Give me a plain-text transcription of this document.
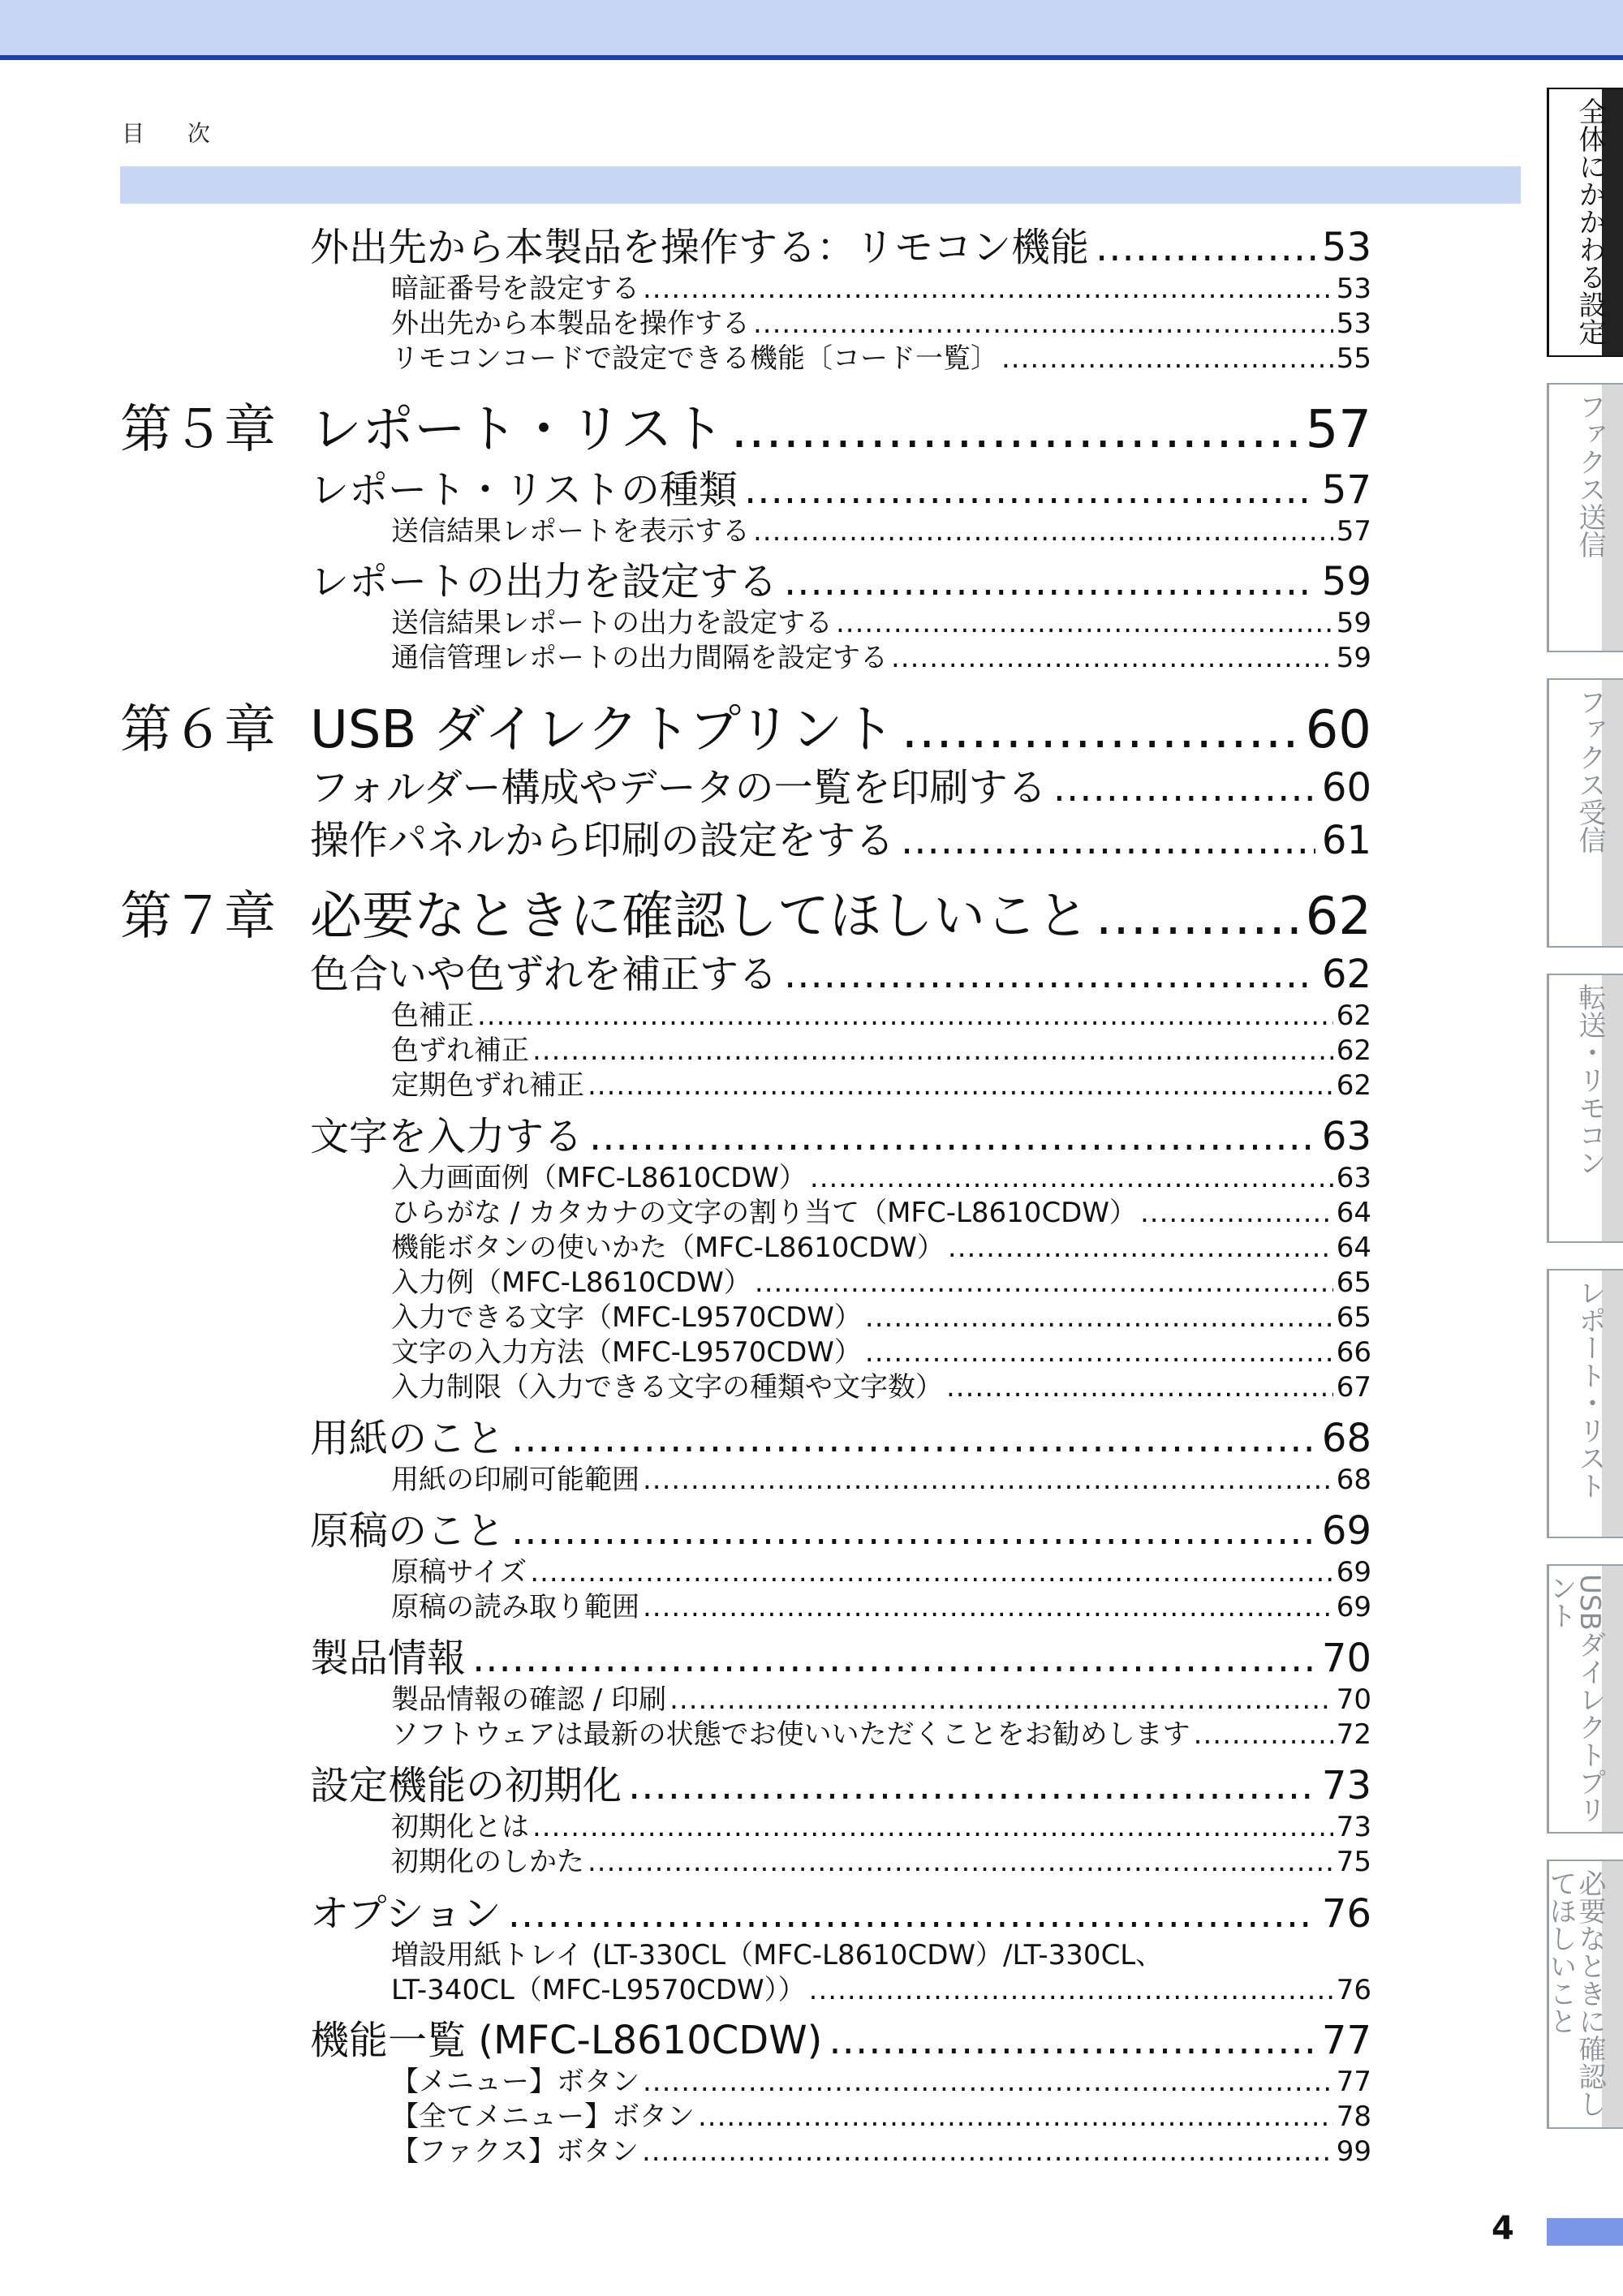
目 次
外出先から本製品を操作する：リモコン機能 .....	53
暗証番号を設定する .....	53
外出先から本製品を操作する .....	53
リモコンコードで設定できる機能〔コード一覧〕 .....	55
第５章 レポート・リスト .....	57
レポート・リストの種類 .....	57
送信結果レポートを表示する .....	57
レポートの出力を設定する .....	59
送信結果レポートの出力を設定する .....	59
通信管理レポートの出力間隔を設定する .....	59
第６章 USB ダイレクトプリント .....	60
フォルダー構成やデータの一覧を印刷する .....	60
操作パネルから印刷の設定をする .....	61
第７章 必要なときに確認してほしいこと .....	62
色合いや色ずれを補正する .....	62
色補正 .....	62
色ずれ補正 .....	62
定期色ずれ補正 .....	62
文字を入力する .....	63
入力画面例（MFC-L8610CDW） .....	63
ひらがな / カタカナの文字の割り当て（MFC-L8610CDW） .....	64
機能ボタンの使いかた（MFC-L8610CDW） .....	64
入力例（MFC-L8610CDW） .....	65
入力できる文字（MFC-L9570CDW） .....	65
文字の入力方法（MFC-L9570CDW） .....	66
入力制限（入力できる文字の種類や文字数） .....	67
用紙のこと .....	68
用紙の印刷可能範囲 .....	68
原稿のこと .....	69
原稿サイズ .....	69
原稿の読み取り範囲 .....	69
製品情報 .....	70
製品情報の確認 / 印刷 .....	70
ソフトウェアは最新の状態でお使いいただくことをお勧めします .....	72
設定機能の初期化 .....	73
初期化とは .....	73
初期化のしかた .....	75
オプション .....	76
増設用紙トレイ (LT-330CL（MFC-L8610CDW）/LT-330CL、
LT-340CL（MFC-L9570CDW）） .....	76
機能一覧 (MFC-L8610CDW) .....	77
【メニュー】ボタン .....	77
【全てメニュー】ボタン .....	78
【ファクス】ボタン .....	99
全体にかかわる設定
ファクス送信
ファクス受信
転送・リモコン
レポート・リスト
USBダイレクトプリント
必要なときに確認してほしいこと
4
